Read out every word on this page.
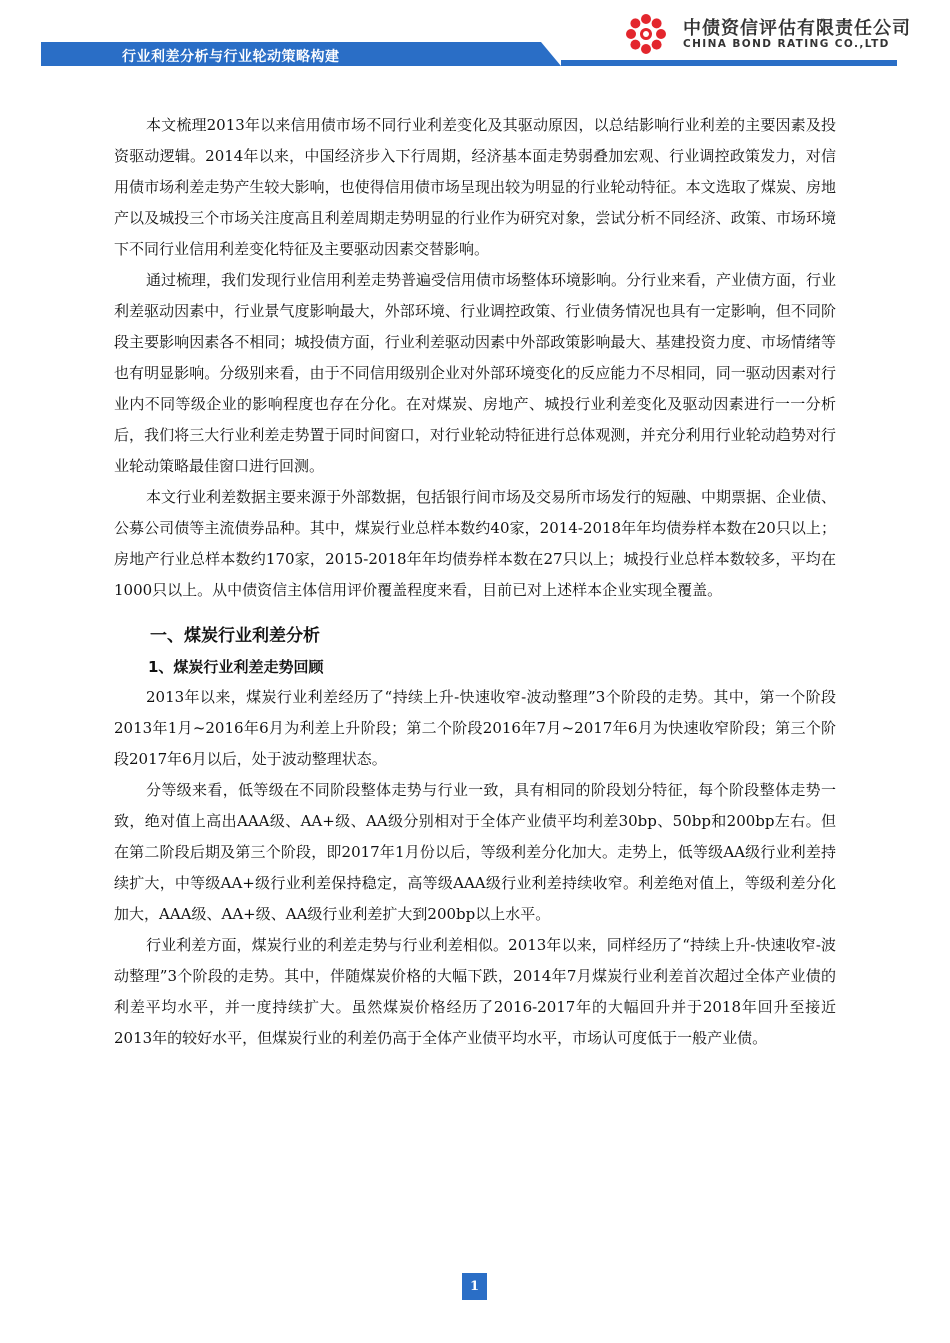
行业利差分析与行业轮动策略构建
中债资信评估有限责任公司
CHINA BOND RATING CO.,LTD

本文梳理2013年以来信用债市场不同行业利差变化及其驱动原因，以总结影响行业利差的主要因素及投资驱动逻辑。2014年以来，中国经济步入下行周期，经济基本面走势弱叠加宏观、行业调控政策发力，对信用债市场利差走势产生较大影响，也使得信用债市场呈现出较为明显的行业轮动特征。本文选取了煤炭、房地产以及城投三个市场关注度高且利差周期走势明显的行业作为研究对象，尝试分析不同经济、政策、市场环境下不同行业信用利差变化特征及主要驱动因素交替影响。

通过梳理，我们发现行业信用利差走势普遍受信用债市场整体环境影响。分行业来看，产业债方面，行业利差驱动因素中，行业景气度影响最大，外部环境、行业调控政策、行业债务情况也具有一定影响，但不同阶段主要影响因素各不相同；城投债方面，行业利差驱动因素中外部政策影响最大、基建投资力度、市场情绪等也有明显影响。分级别来看，由于不同信用级别企业对外部环境变化的反应能力不尽相同，同一驱动因素对行业内不同等级企业的影响程度也存在分化。在对煤炭、房地产、城投行业利差变化及驱动因素进行一一分析后，我们将三大行业利差走势置于同时间窗口，对行业轮动特征进行总体观测，并充分利用行业轮动趋势对行业轮动策略最佳窗口进行回测。

本文行业利差数据主要来源于外部数据，包括银行间市场及交易所市场发行的短融、中期票据、企业债、公募公司债等主流债券品种。其中，煤炭行业总样本数约40家，2014-2018年年均债券样本数在20只以上；房地产行业总样本数约170家，2015-2018年年均债券样本数在27只以上；城投行业总样本数较多，平均在1000只以上。从中债资信主体信用评价覆盖程度来看，目前已对上述样本企业实现全覆盖。

一、煤炭行业利差分析
1、煤炭行业利差走势回顾

2013年以来，煤炭行业利差经历了“持续上升-快速收窄-波动整理”3个阶段的走势。其中，第一个阶段2013年1月~2016年6月为利差上升阶段；第二个阶段2016年7月~2017年6月为快速收窄阶段；第三个阶段2017年6月以后，处于波动整理状态。

分等级来看，低等级在不同阶段整体走势与行业一致，具有相同的阶段划分特征，每个阶段整体走势一致，绝对值上高出AAA级、AA+级、AA级分别相对于全体产业债平均利差30bp、50bp和200bp左右。但在第二阶段后期及第三个阶段，即2017年1月份以后，等级利差分化加大。走势上，低等级AA级行业利差持续扩大，中等级AA+级行业利差保持稳定，高等级AAA级行业利差持续收窄。利差绝对值上，等级利差分化加大，AAA级、AA+级、AA级行业利差扩大到200bp以上水平。

行业利差方面，煤炭行业的利差走势与行业利差相似。2013年以来，同样经历了“持续上升-快速收窄-波动整理”3个阶段的走势。其中，伴随煤炭价格的大幅下跌，2014年7月煤炭行业利差首次超过全体产业债的利差平均水平，并一度持续扩大。虽然煤炭价格经历了2016-2017年的大幅回升并于2018年回升至接近2013年的较好水平，但煤炭行业的利差仍高于全体产业债平均水平，市场认可度低于一般产业债。

1
